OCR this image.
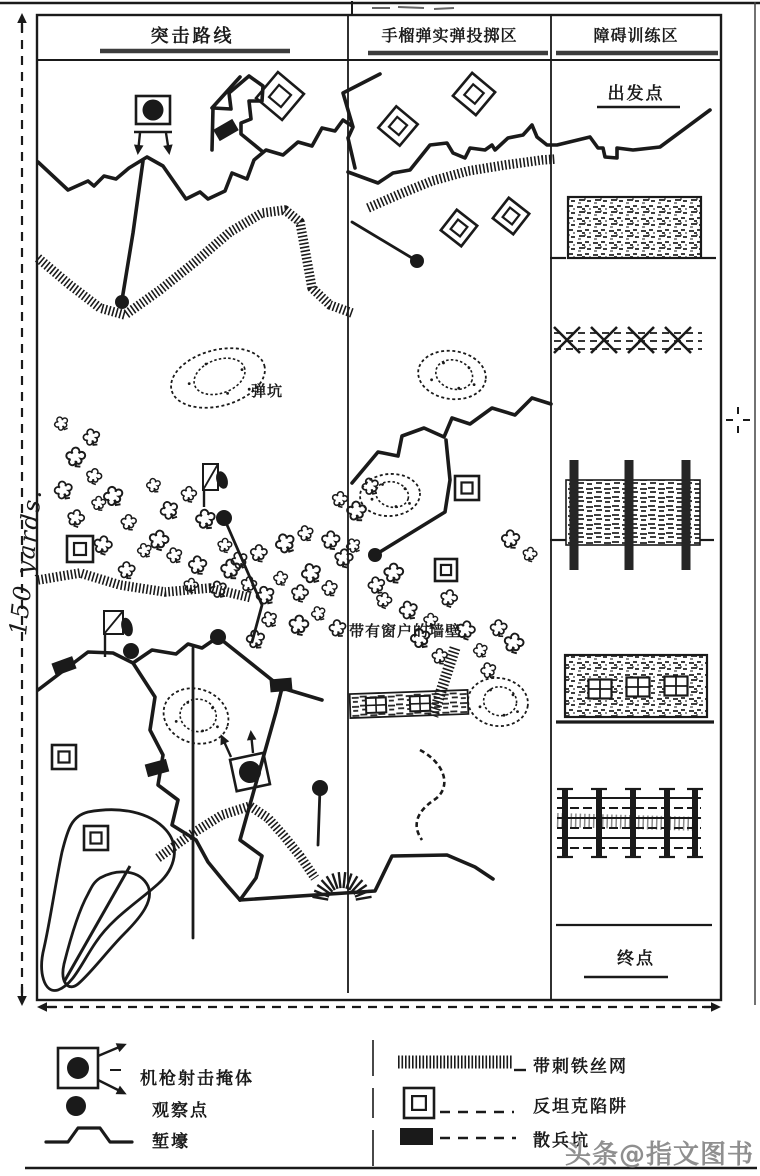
突击路线	手榴弹实弹投掷区	障碍训练区
出发点
终点
弹坑
带有窗户的墙壁
150 yards.
机枪射击掩体
观察点
堑壕
带刺铁丝网
反坦克陷阱
散兵坑
头条@指文图书
